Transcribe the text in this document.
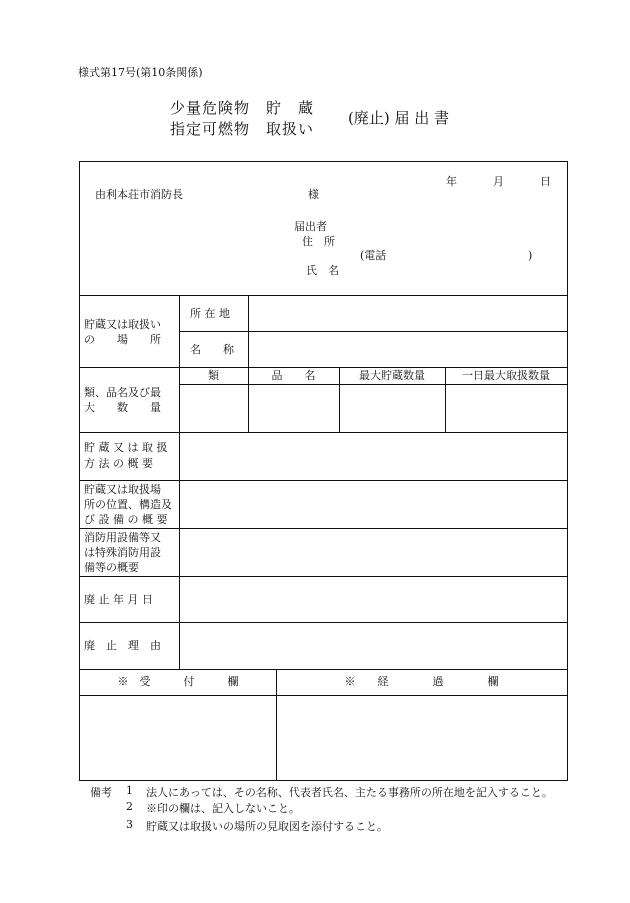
様式第17号(第10条関係)
少量危険物　貯　蔵
指定可燃物　取扱い
(廃止) 届 出 書
年	月	日
由利本荘市消防長	様
届出者
住　所
(電話	)
氏　名
貯蔵又は取扱い
の　　場　　所
所 在 地
名　　称
類、品名及び最
大　　数　　量
類	品　　名	最大貯蔵数量	一日最大取扱数量
貯 蔵 又 は 取 扱
方 法 の 概 要
貯蔵又は取扱場
所の位置、構造及
び 設 備 の 概 要
消防用設備等又
は特殊消防用設
備等の概要
廃 止 年 月 日
廃　止　理　由
※　受　　　付　　　欄	※　　経　　　　過　　　　欄
備考 1 法人にあっては、その名称、代表者氏名、主たる事務所の所在地を記入すること。
2 ※印の欄は、記入しないこと。
3 貯蔵又は取扱いの場所の見取図を添付すること。
